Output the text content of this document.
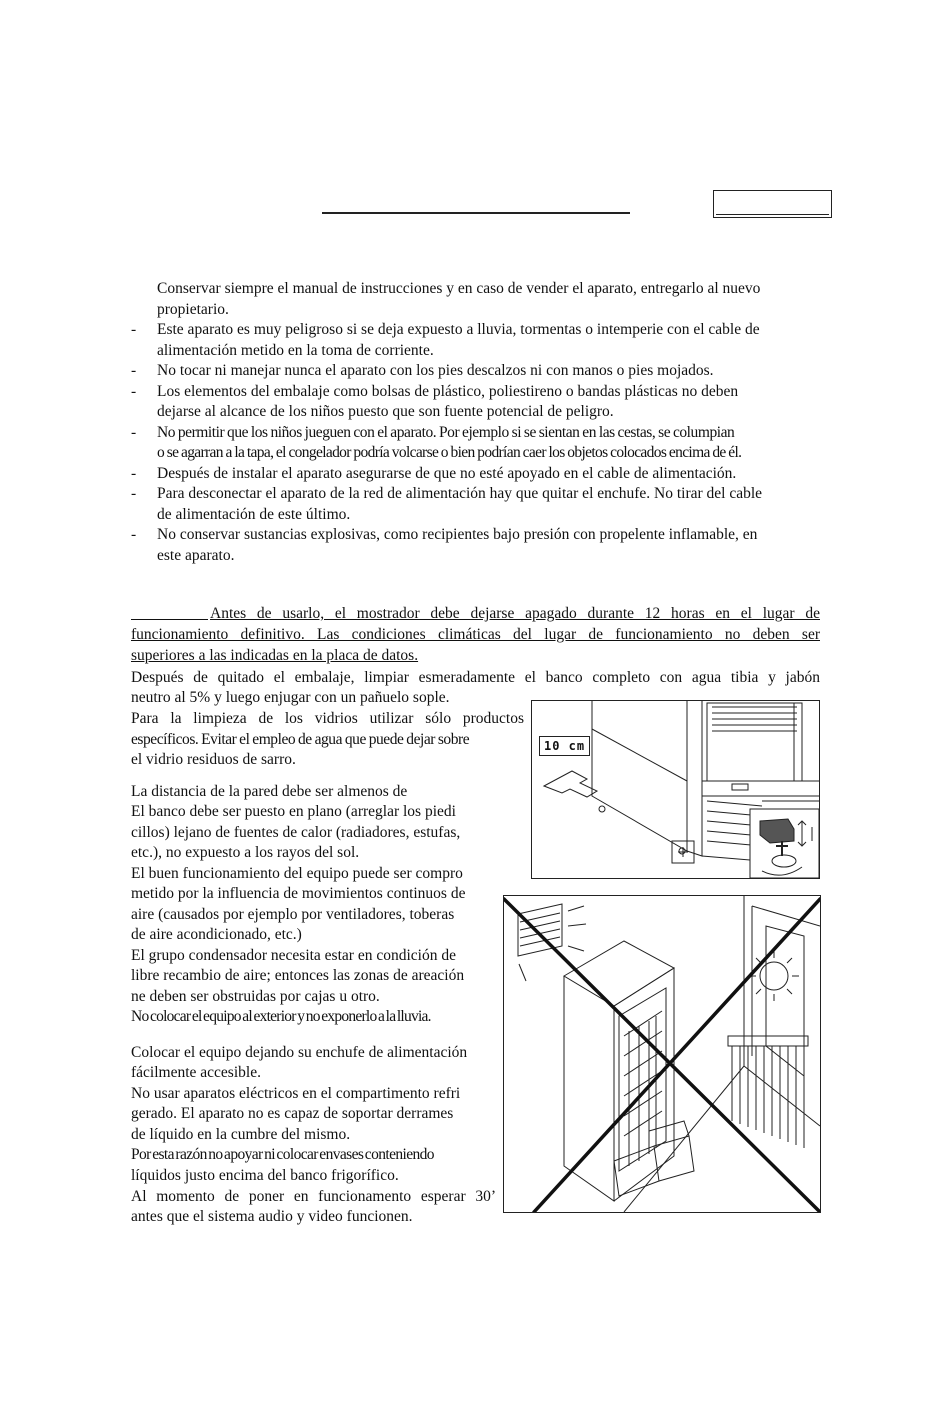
Conservar siempre el manual de instrucciones y en caso de vender el aparato, entregarlo al nuevo
propietario.
- Este aparato es muy peligroso si se deja expuesto a lluvia, tormentas o intemperie con el cable de
alimentación metido en la toma de corriente.
- No tocar ni manejar nunca el aparato con los pies descalzos ni con manos o pies mojados.
- Los elementos del embalaje como bolsas de plástico, poliestireno o bandas plásticas no deben
dejarse al alcance de los niños puesto que son fuente potencial de peligro.
- No permitir que los niños jueguen con el aparato. Por ejemplo si se sientan en las cestas, se columpian
o se agarran a la tapa, el congelador podría volcarse o bien podrían caer los objetos colocados encima de él.
- Después de instalar el aparato asegurarse de que no esté apoyado en el cable de alimentación.
- Para desconectar el aparato de la red de alimentación hay que quitar el enchufe. No tirar del cable
de alimentación de este último.
- No conservar sustancias explosivas, como recipientes bajo presión con propelente inflamable, en
este aparato.
Antes de usarlo, el mostrador debe dejarse apagado durante 12 horas en el lugar de
funcionamiento definitivo. Las condiciones climáticas del lugar de funcionamiento no deben ser
superiores a las indicadas en la placa de datos.
Después de quitado el embalaje, limpiar esmeradamente el banco completo con agua tibia y jabón
neutro al 5% y luego enjugar con un pañuelo sople.
Para la limpieza de los vidrios utilizar sólo productos
específicos. Evitar el empleo de agua que puede dejar sobre
el vidrio residuos de sarro.
La distancia de la pared debe ser almenos de
El banco debe ser puesto en plano (arreglar los piedi
cillos) lejano de fuentes de calor (radiadores, estufas,
etc.), no expuesto a los rayos del sol.
El buen funcionamiento del equipo puede ser compro
metido por la influencia de movimientos continuos de
aire (causados por ejemplo por ventiladores, toberas
de aire acondicionado, etc.)
El grupo condensador necesita estar en condición de
libre recambio de aire; entonces las zonas de areación
ne deben ser obstruidas por cajas u otro.
No colocar el equipo al exterior y no exponerlo a la lluvia.
Colocar el equipo dejando su enchufe de alimentación
fácilmente accesible.
No usar aparatos eléctricos en el compartimento refri
gerado. El aparato no es capaz de soportar derrames
de líquido en la cumbre del mismo.
Por esta razón no apoyar ni colocar envases conteniendo
líquidos justo encima del banco frigorífico.
Al momento de poner en funcionamento esperar 30’
antes que el sistema audio y video funcionen.
10 cm
